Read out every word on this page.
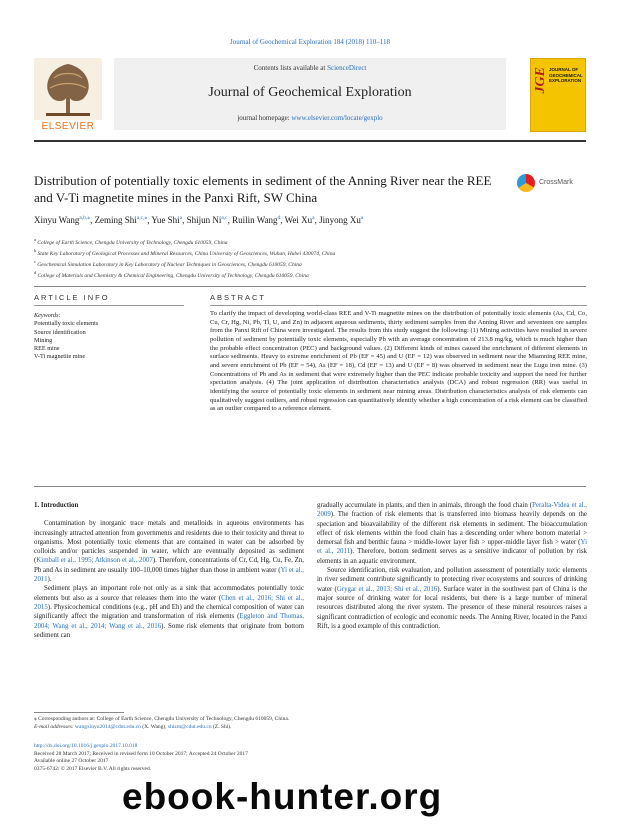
Journal of Geochemical Exploration 184 (2018) 110–118
ELSEVIER
Contents lists available at ScienceDirect
Journal of Geochemical Exploration
journal homepage: www.elsevier.com/locate/gexplo
JGE JOURNAL OF GEOCHEMICAL EXPLORATION
Distribution of potentially toxic elements in sediment of the Anning River near the REE and V-Ti magnetite mines in the Panxi Rift, SW China
CrossMark
Xinyu Wang$^{a,b,⁎}$, Zeming Shi$^{a,c,⁎}$, Yue Shi$^a$, Shijun Ni$^{a,c}$, Ruilin Wang$^d$, Wei Xu$^a$, Jinyong Xu$^a$
$^a$ College of Earth Science, Chengdu University of Technology, Chengdu 610059, China
$^b$ State Key Laboratory of Geological Processes and Mineral Resources, China University of Geosciences, Wuhan, Hubei 430074, China
$^c$ Geochemical Simulation Laboratory in Key Laboratory of Nuclear Techniques in Geosciences, Chengdu 610059, China
$^d$ College of Materials and Chemistry & Chemical Engineering, Chengdu University of Technology, Chengdu 610059, China
ARTICLE INFO
Keywords:
Potentially toxic elements
Source identification
Mining
REE mine
V-Ti magnetite mine
ABSTRACT
To clarify the impact of developing world-class REE and V-Ti magnetite mines on the distribution of potentially toxic elements (As, Cd, Co, Cu, Cr, Hg, Ni, Pb, Tl, U, and Zn) in adjacent aqueous sediments, thirty sediment samples from the Anning River and seventeen ore samples from the Panxi Rift of China were investigated. The results from this study suggest the following: (1) Mining activities have resulted in severe pollution of sediment by potentially toxic elements, especially Pb with an average concentration of 213.8 mg/kg, which is much higher than the probable effect concentration (PEC) and background values. (2) Different kinds of mines caused the enrichment of different elements in surface sediments. Heavy to extreme enrichment of Pb (EF = 45) and U (EF = 12) was observed in sediment near the Miamning REE mine, and severe enrichment of Pb (EF = 54), As (EF = 18), Cd (EF = 13) and U (EF = 8) was observed in sediment near the Lugu iron mine. (3) Concentrations of Pb and As in sediment that were extremely higher than the PEC indicate probable toxicity and support the need for further speciation analysis. (4) The joint application of distribution characteristics analysis (DCA) and robust regression (RR) was useful in identifying the source of potentially toxic elements in sediment near mining areas. Distribution characteristics analysis of risk elements can qualitatively suggest outliers, and robust regression can quantitatively identify whether a high concentration of a risk element can be classified as an outlier compared to a reference element.

1. Introduction

Contamination by inorganic trace metals and metalloids in aqueous environments has increasingly attracted attention from governments and residents due to their toxicity and threat to organisms. Most potentially toxic elements that are contained in water can be adsorbed by colloids and/or particles suspended in water, which are eventually deposited as sediment (Kimball et al., 1995; Atkinson et al., 2007). Therefore, concentrations of Cr, Cd, Hg, Cu, Fe, Zn, Pb and As in sediment are usually 100–10,000 times higher than those in ambient water (Yi et al., 2011).

Sediment plays an important role not only as a sink that accommodates potentially toxic elements but also as a source that releases them into the water (Chen et al., 2016; Shi et al., 2015). Physicochemical conditions (e.g., pH and Eh) and the chemical composition of water can significantly affect the migration and transformation of risk elements (Eggleton and Thomas, 2004; Wang et al., 2014; Wang et al., 2016). Some risk elements that originate from bottom sediment can

gradually accumulate in plants, and then in animals, through the food chain (Peralta-Videa et al., 2009). The fraction of risk elements that is transferred into biomass heavily depends on the speciation and bioavailability of the different risk elements in sediment. The bioaccumulation effect of risk elements within the food chain has a descending order where bottom material > demersal fish and benthic fauna > middle-lower layer fish > upper-middle layer fish > water (Yi et al., 2011). Therefore, bottom sediment serves as a sensitive indicator of pollution by risk elements in an aquatic environment.

Source identification, risk evaluation, and pollution assessment of potentially toxic elements in river sediment contribute significantly to protecting river ecosystems and sources of drinking water (Grygar et al., 2013; Shi et al., 2016). Surface water in the southwest part of China is the major source of drinking water for local residents, but there is a large number of mineral resources distributed along the river system. The presence of these mineral resources raises a significant contradiction of ecologic and economic needs. The Anning River, located in the Panxi Rift, is a good example of this contradiction.

⁎ Corresponding authors at: College of Earth Science, Chengdu University of Technology, Chengdu 610059, China.
E-mail addresses: wangxinyu2014@cdut.edu.cn (X. Wang), shizm@cdut.edu.cn (Z. Shi).
http://dx.doi.org/10.1016/j.gexplo.2017.10.018
Received 28 March 2017; Received in revised form 10 October 2017; Accepted 24 October 2017
Available online 27 October 2017
0375-6742/ © 2017 Elsevier B.V. All rights reserved.
ebook-hunter.org
